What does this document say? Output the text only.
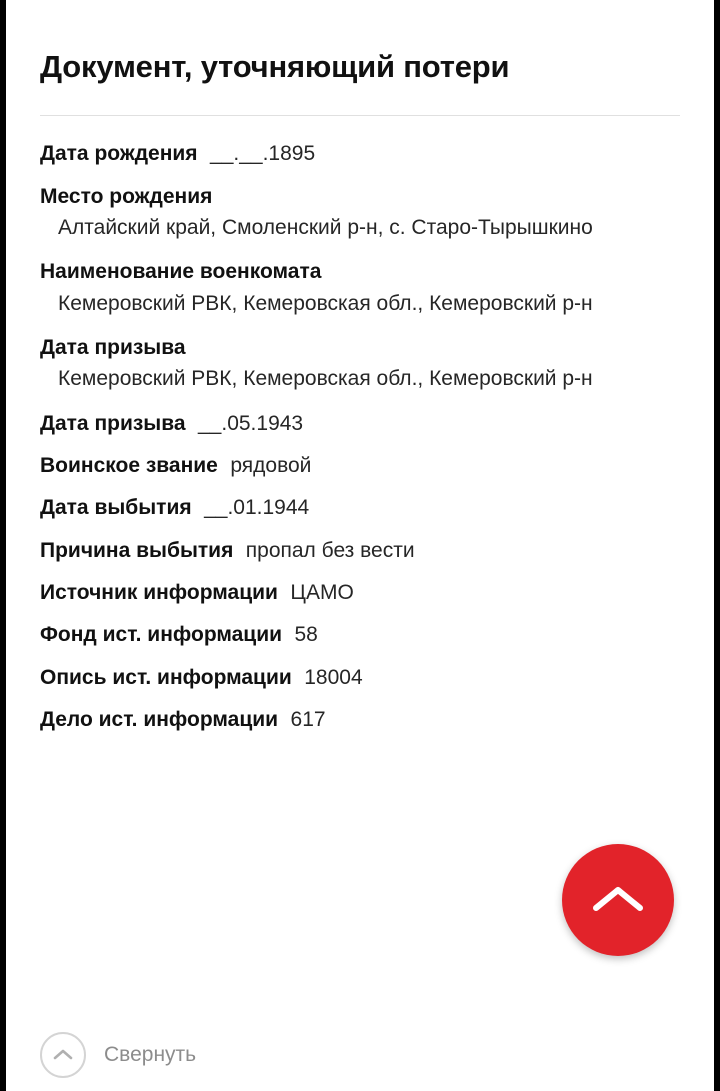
Документ, уточняющий потери
Дата рождения __.__.1895
Место рождения
Алтайский край, Смоленский р-н, с. Старо-Тырышкино
Наименование военкомата
Кемеровский РВК, Кемеровская обл., Кемеровский р-н
Дата призыва
Кемеровский РВК, Кемеровская обл., Кемеровский р-н
Дата призыва __.05.1943
Воинское звание рядовой
Дата выбытия __.01.1944
Причина выбытия пропал без вести
Источник информации ЦАМО
Фонд ист. информации 58
Опись ист. информации 18004
Дело ист. информации 617
Свернуть
